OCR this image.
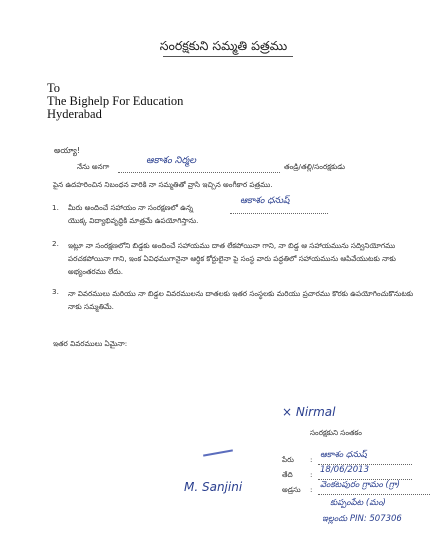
సంరక్షకుని సమ్మతి పత్రము
To
The Bighelp For Education
Hyderabad
అయ్యా!
నేను అనగా
ఆకాశం నిర్మల
తండ్రి/తల్లి/సంరక్షకుడు
పైన ఉదహరించిన నిబంధన వారికి నా సమ్మతితో వ్రాసి ఇచ్చిన అంగీకార పత్రము.
1. మీరు అందించే సహాయం నా సంరక్షణలో ఉన్న
ఆకాశం ధనుష్
యొక్క విద్యాభివృద్ధికి మాత్రమే ఉపయోగిస్తాను.
2. ఇట్లూ నా సంరక్షణలోని బిడ్డకు అందించే సహాయము దాత లేకపోయినా గాని, నా బిడ్డ ఆ సహాయమును సద్వినియోగము పరచకపోయినా గాని, ఇంక ఏవిధముగానైనా ఆర్థిక కోర్టులైనా పై సంస్థ వారు పద్ధతిలో సహాయమును ఆపివేయుటకు నాకు అభ్యంతరము లేదు.
3. నా వివరములు మరియు నా బిడ్డల వివరములను దాతలకు ఇతర సంస్థలకు మరియు ప్రచారము కొరకు ఉపయోగించుకొనుటకు నాకు సమ్మతిమే.
ఇతర వివరములు ఏమైనా:
× Nirmal
సంరక్షకుని సంతకం
పేరు : ఆకాశం ధనుష్
తేది : 18/06/2013
అడ్రసు : వెంకటపురం గ్రామం (గ్రా)
కుప్పంపేట (మం)
ఇల్లందు PIN: 507306
M. Sanjini
